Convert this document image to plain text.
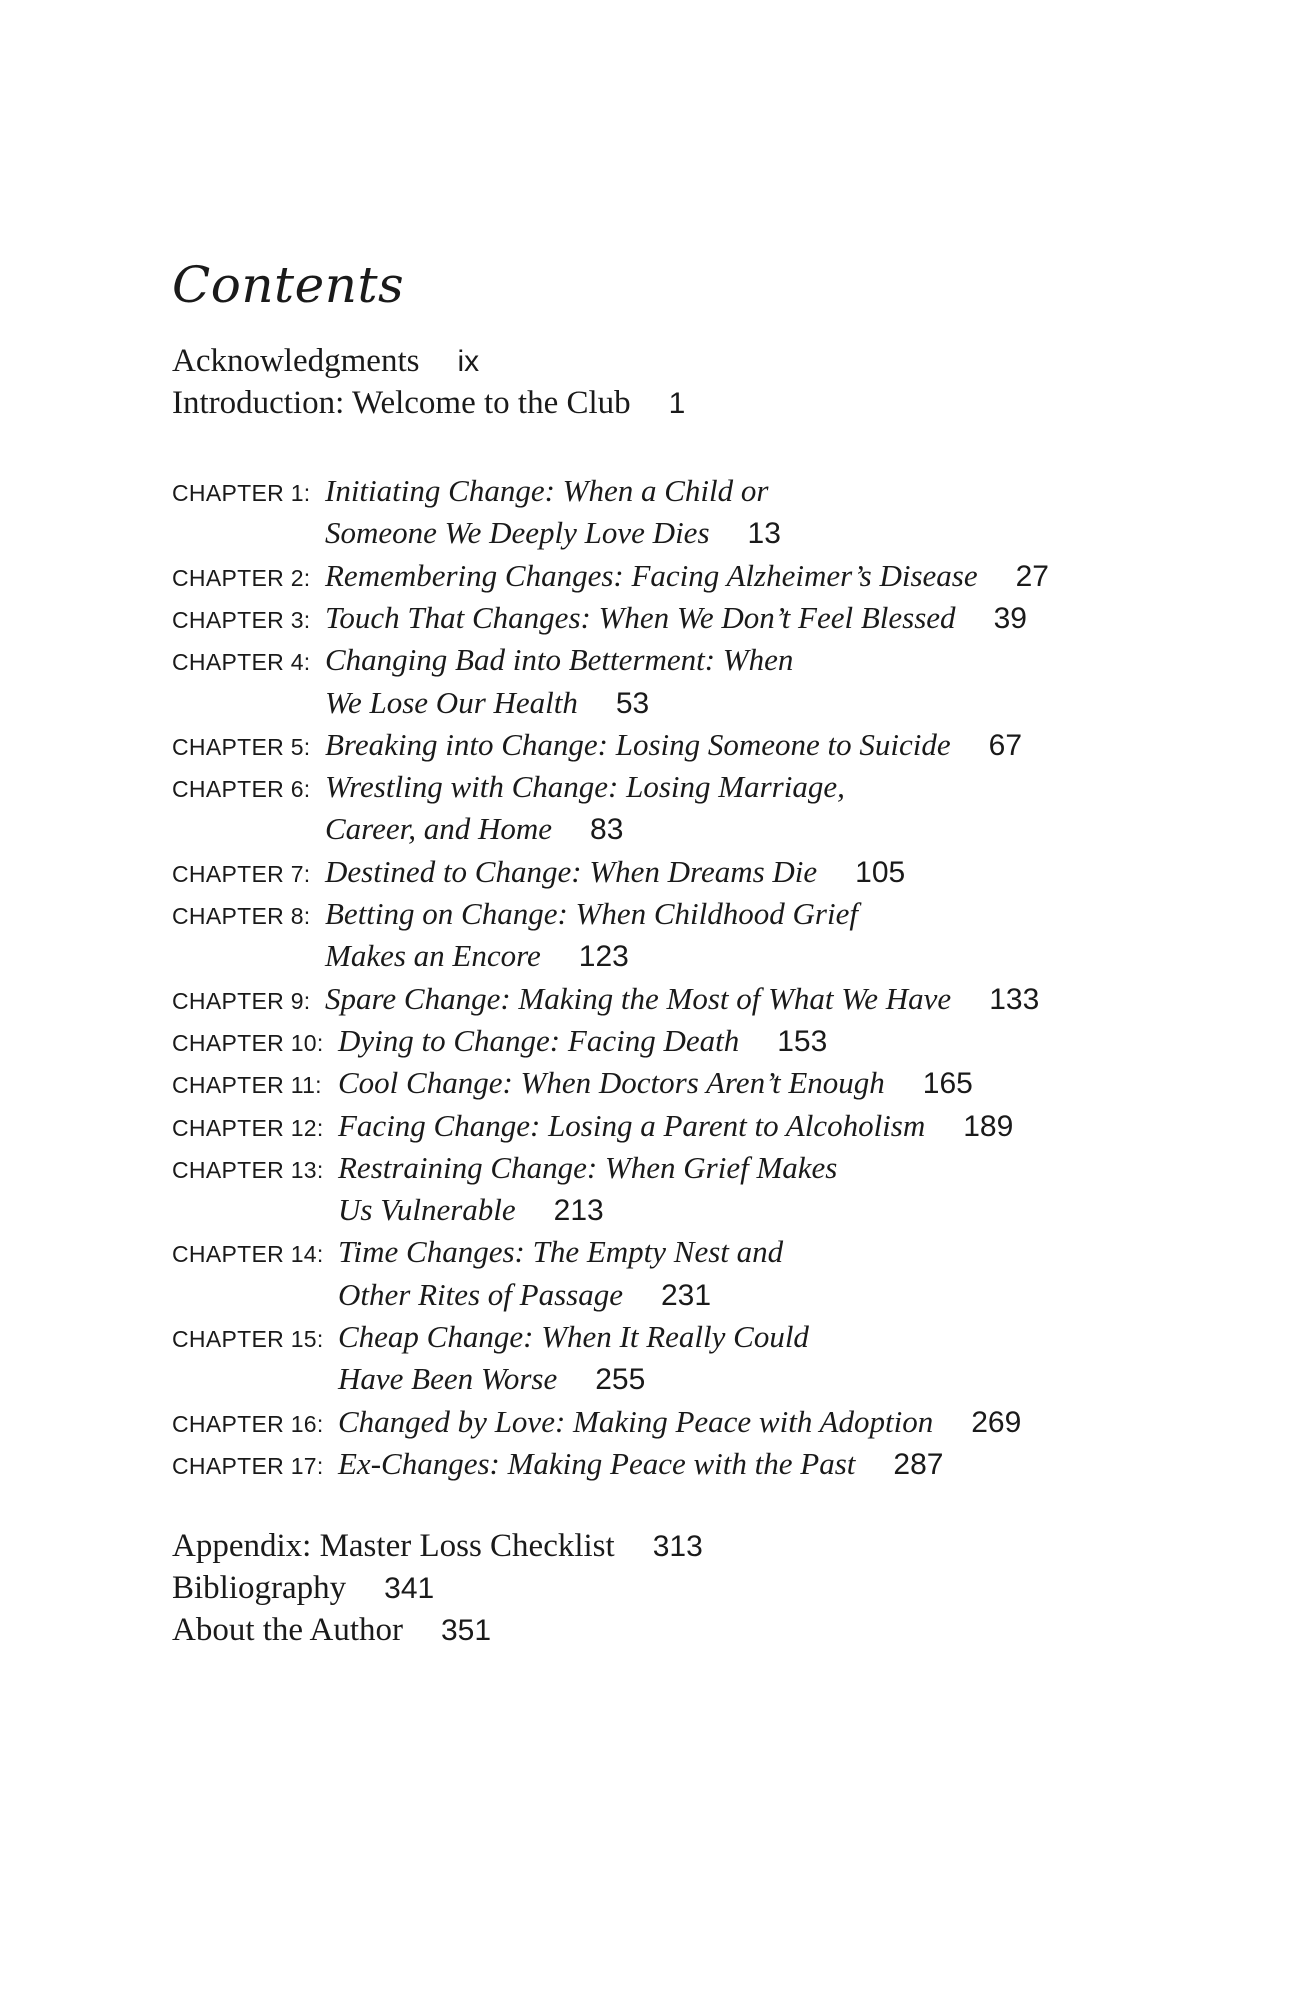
Contents
Acknowledgments ix
Introduction: Welcome to the Club 1
CHAPTER 1: Initiating Change: When a Child or
Someone We Deeply Love Dies 13
CHAPTER 2: Remembering Changes: Facing Alzheimer’s Disease 27
CHAPTER 3: Touch That Changes: When We Don’t Feel Blessed 39
CHAPTER 4: Changing Bad into Betterment: When
We Lose Our Health 53
CHAPTER 5: Breaking into Change: Losing Someone to Suicide 67
CHAPTER 6: Wrestling with Change: Losing Marriage,
Career, and Home 83
CHAPTER 7: Destined to Change: When Dreams Die 105
CHAPTER 8: Betting on Change: When Childhood Grief
Makes an Encore 123
CHAPTER 9: Spare Change: Making the Most of What We Have 133
CHAPTER 10: Dying to Change: Facing Death 153
CHAPTER 11: Cool Change: When Doctors Aren’t Enough 165
CHAPTER 12: Facing Change: Losing a Parent to Alcoholism 189
CHAPTER 13: Restraining Change: When Grief Makes
Us Vulnerable 213
CHAPTER 14: Time Changes: The Empty Nest and
Other Rites of Passage 231
CHAPTER 15: Cheap Change: When It Really Could
Have Been Worse 255
CHAPTER 16: Changed by Love: Making Peace with Adoption 269
CHAPTER 17: Ex-Changes: Making Peace with the Past 287
Appendix: Master Loss Checklist 313
Bibliography 341
About the Author 351
